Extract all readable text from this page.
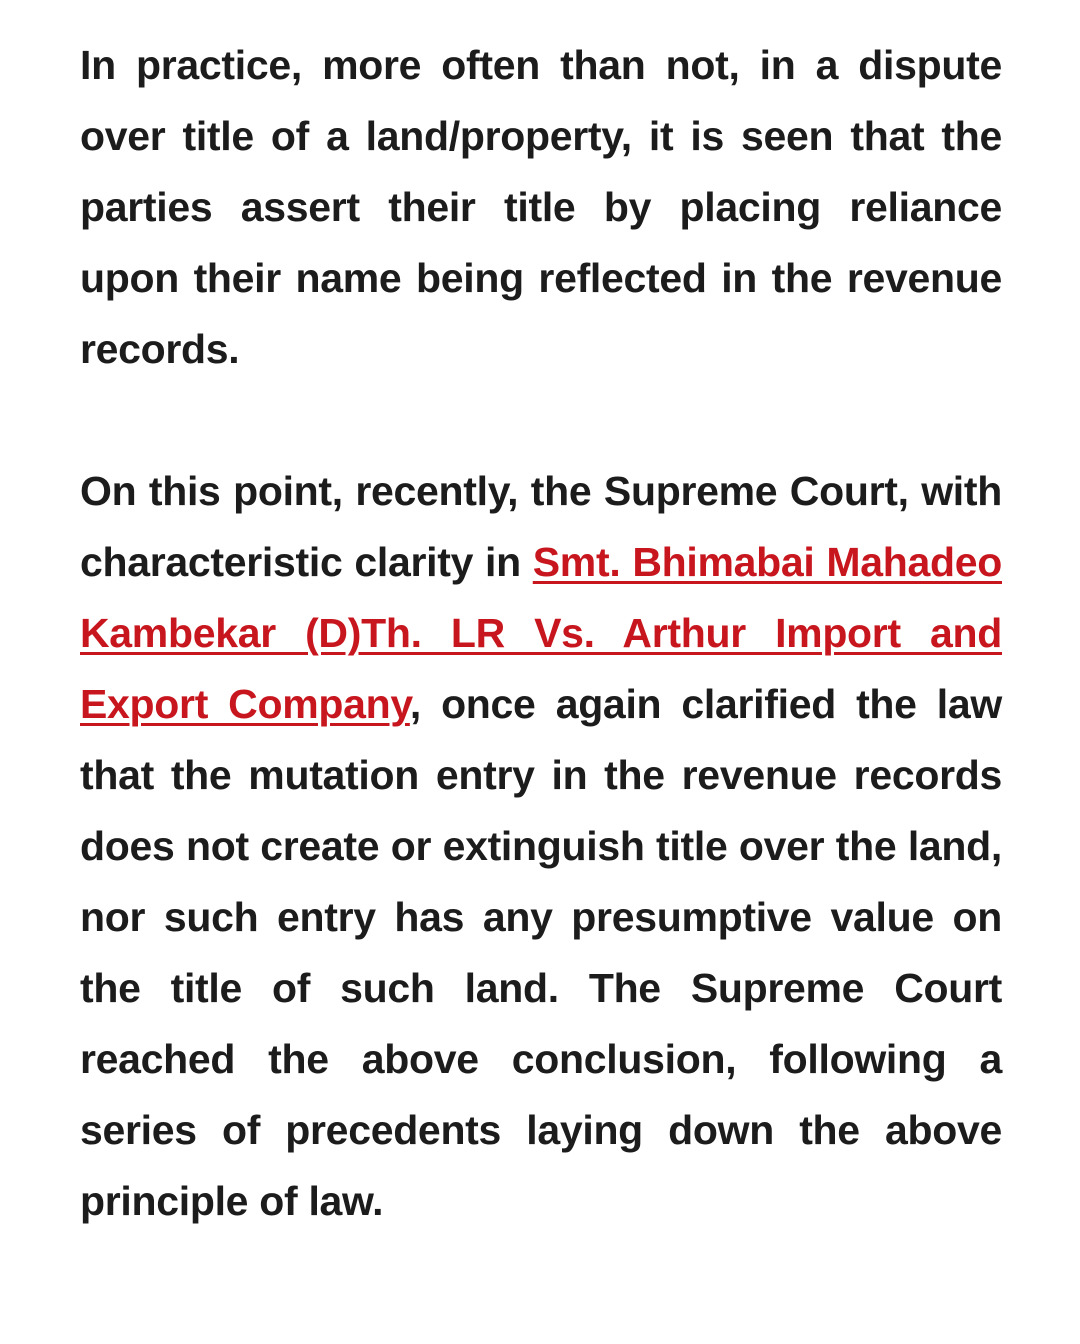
In practice, more often than not, in a dispute over title of a land/property, it is seen that the parties assert their title by placing reliance upon their name being reflected in the revenue records.

On this point, recently, the Supreme Court, with characteristic clarity in Smt. Bhimabai Mahadeo Kambekar (D)Th. LR Vs. Arthur Import and Export Company, once again clarified the law that the mutation entry in the revenue records does not create or extinguish title over the land, nor such entry has any presumptive value on the title of such land. The Supreme Court reached the above conclusion, following a series of precedents laying down the above principle of law.
